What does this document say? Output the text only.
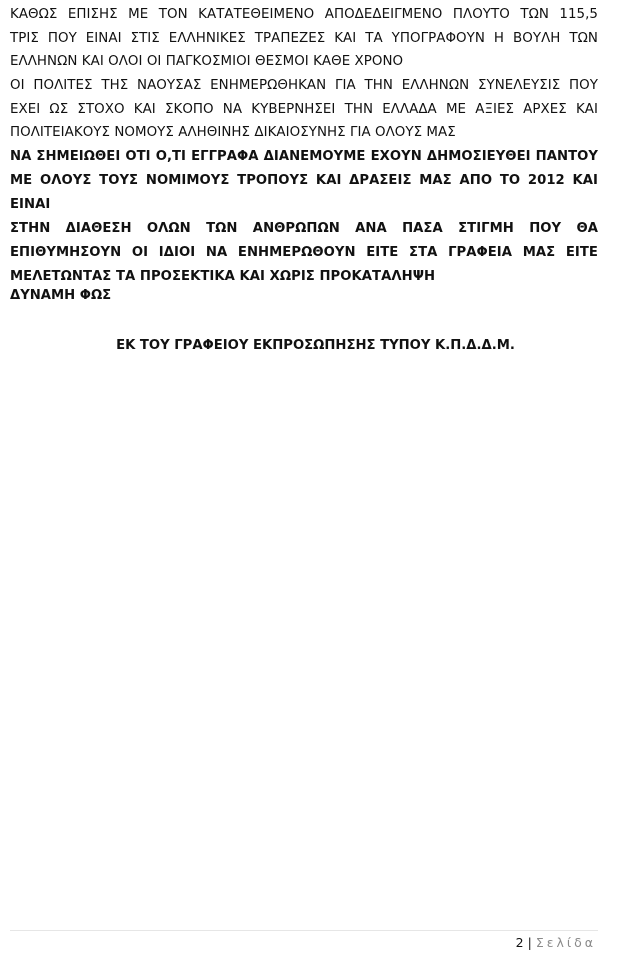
ΚΑΘΩΣ ΕΠΙΣΗΣ ΜΕ ΤΟΝ ΚΑΤΑΤΕΘΕΙΜΕΝΟ ΑΠΟΔΕΔΕΙΓΜΕΝΟ ΠΛΟΥΤΟ ΤΩΝ 115,5
ΤΡΙΣ ΠΟΥ ΕΙΝΑΙ ΣΤΙΣ ΕΛΛΗΝΙΚΕΣ ΤΡΑΠΕΖΕΣ ΚΑΙ ΤΑ ΥΠΟΓΡΑΦΟΥΝ Η ΒΟΥΛΗ ΤΩΝ
ΕΛΛΗΝΩΝ ΚΑΙ ΟΛΟΙ ΟΙ ΠΑΓΚΟΣΜΙΟΙ ΘΕΣΜΟΙ ΚΑΘΕ ΧΡΟΝΟ
ΟΙ ΠΟΛΙΤΕΣ ΤΗΣ ΝΑΟΥΣΑΣ ΕΝΗΜΕΡΩΘΗΚΑΝ ΓΙΑ ΤΗΝ ΕΛΛΗΝΩΝ ΣΥΝΕΛΕΥΣΙΣ ΠΟΥ
ΕΧΕΙ ΩΣ ΣΤΟΧΟ ΚΑΙ ΣΚΟΠΟ ΝΑ ΚΥΒΕΡΝΗΣΕΙ ΤΗΝ ΕΛΛΑΔΑ ΜΕ ΑΞΙΕΣ ΑΡΧΕΣ ΚΑΙ
ΠΟΛΙΤΕΙΑΚΟΥΣ ΝΟΜΟΥΣ ΑΛΗΘΙΝΗΣ ΔΙΚΑΙΟΣΥΝΗΣ ΓΙΑ ΟΛΟΥΣ ΜΑΣ
ΝΑ ΣΗΜΕΙΩΘΕΙ ΟΤΙ Ο,ΤΙ ΕΓΓΡΑΦΑ ΔΙΑΝΕΜΟΥΜΕ ΕΧΟΥΝ ΔΗΜΟΣΙΕΥΘΕΙ ΠΑΝΤΟΥ
ΜΕ ΟΛΟΥΣ ΤΟΥΣ ΝΟΜΙΜΟΥΣ ΤΡΟΠΟΥΣ ΚΑΙ ΔΡΑΣΕΙΣ ΜΑΣ ΑΠΟ ΤΟ 2012 ΚΑΙ ΕΙΝΑΙ
ΣΤΗΝ ΔΙΑΘΕΣΗ ΟΛΩΝ ΤΩΝ ΑΝΘΡΩΠΩΝ ΑΝΑ ΠΑΣΑ ΣΤΙΓΜΗ ΠΟΥ ΘΑ
ΕΠΙΘΥΜΗΣΟΥΝ ΟΙ ΙΔΙΟΙ ΝΑ ΕΝΗΜΕΡΩΘΟΥΝ ΕΙΤΕ ΣΤΑ ΓΡΑΦΕΙΑ ΜΑΣ ΕΙΤΕ
ΜΕΛΕΤΩΝΤΑΣ ΤΑ ΠΡΟΣΕΚΤΙΚΑ ΚΑΙ ΧΩΡΙΣ ΠΡΟΚΑΤΑΛΗΨΗ
ΔΥΝΑΜΗ ΦΩΣ
ΕΚ ΤΟΥ ΓΡΑΦΕΙΟΥ ΕΚΠΡΟΣΩΠΗΣΗΣ ΤΥΠΟΥ Κ.Π.Δ.Δ.Μ.
2 | Σελίδα
